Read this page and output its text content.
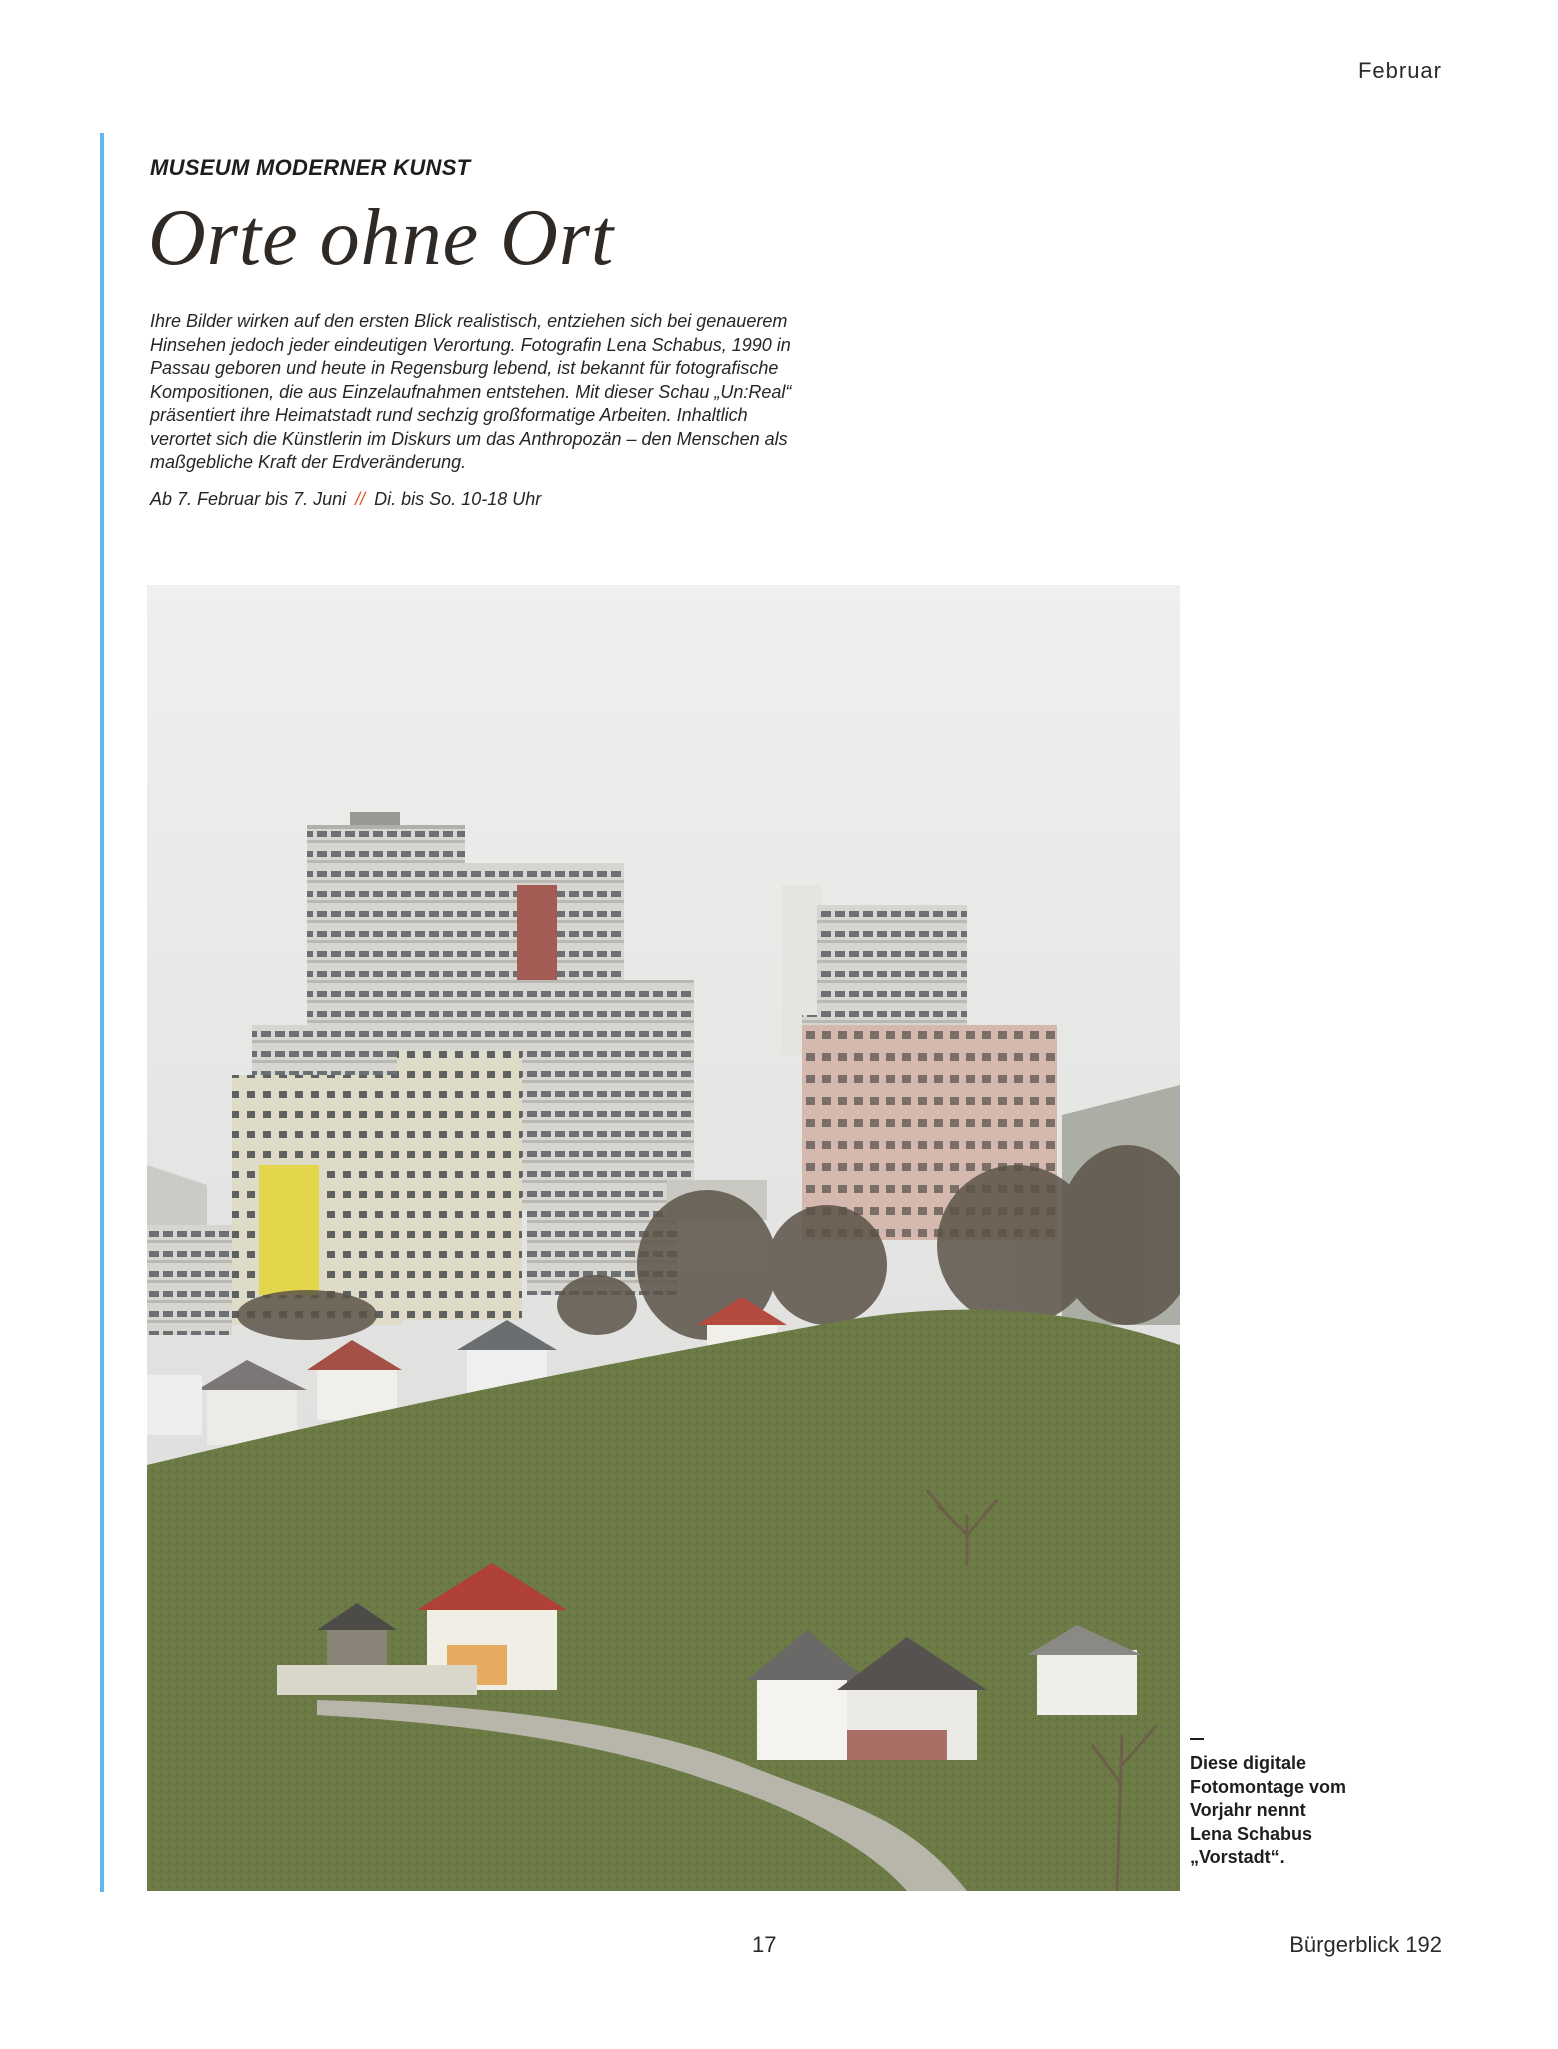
Februar
MUSEUM MODERNER KUNST
Orte ohne Ort

Ihre Bilder wirken auf den ersten Blick realistisch, entziehen sich bei genauerem
Hinsehen jedoch jeder eindeutigen Verortung. Fotografin Lena Schabus, 1990 in
Passau geboren und heute in Regensburg lebend, ist bekannt für fotografische
Kompositionen, die aus Einzelaufnahmen entstehen. Mit dieser Schau „Un:Real“
präsentiert ihre Heimatstadt rund sechzig großformatige Arbeiten. Inhaltlich
verortet sich die Künstlerin im Diskurs um das Anthropozän – den Menschen als
maßgebliche Kraft der Erdveränderung.

Ab 7. Februar bis 7. Juni // Di. bis So. 10-18 Uhr
Diese digitale
Fotomontage vom
Vorjahr nennt
Lena Schabus
„Vorstadt“.
17	Bürgerblick 192
